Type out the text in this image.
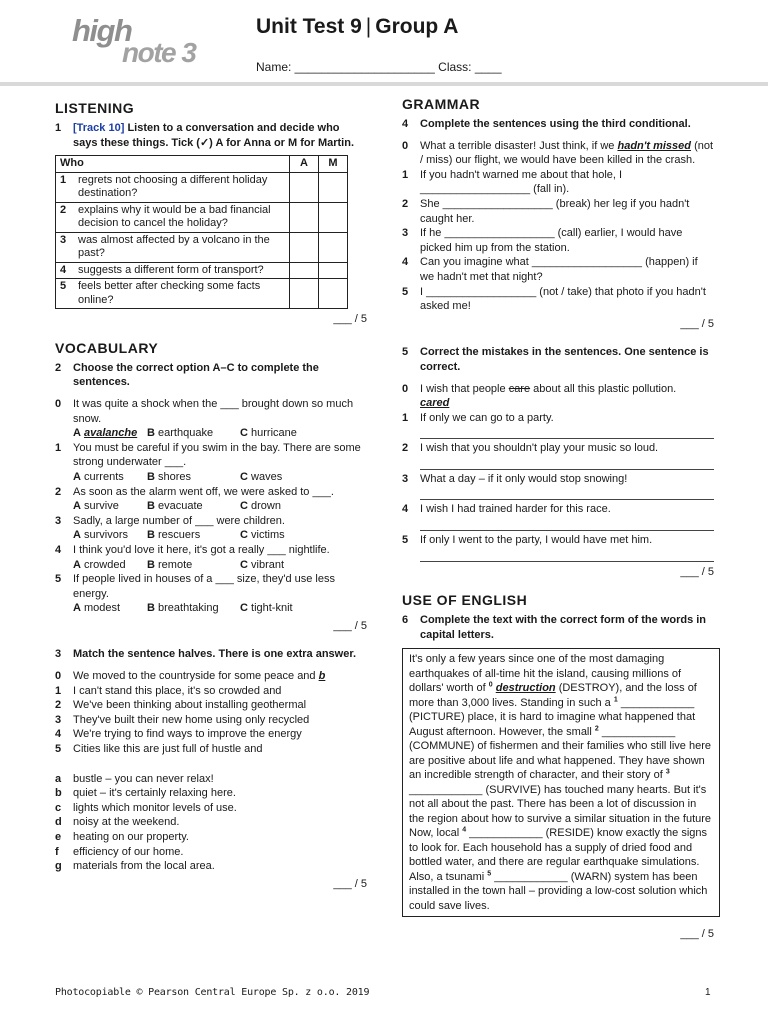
high
note 3
Unit Test 9 | Group A
Name: _____________________ Class: ____
LISTENING
1	[Track 10] Listen to a conversation and decide who says these things. Tick (✓) A for Anna or M for Martin.
Who	A	M

1 regrets not choosing a different holiday destination?		

2 explains why it would be a bad financial decision to cancel the holiday?		

3 was almost affected by a volcano in the past?		

4 suggests a different form of transport?		

5 feels better after checking some facts online?		

___ / 5
VOCABULARY
2	Choose the correct option A–C to complete the sentences.
0	It was quite a shock when the ___ brought down so much snow.
A avalanche B earthquake	C hurricane
1	You must be careful if you swim in the bay. There are some strong underwater ___.
A currents	B shores	C waves
2	As soon as the alarm went off, we were asked to ___.
A survive	B evacuate	C drown
3	Sadly, a large number of ___ were children.
A survivors	B rescuers	C victims
4	I think you'd love it here, it's got a really ___ nightlife.
A crowded	B remote	C vibrant
5	If people lived in houses of a ___ size, they'd use less energy.
A modest	B breathtaking	C tight-knit
___ / 5
3	Match the sentence halves. There is one extra answer.
0	We moved to the countryside for some peace and b
1	I can't stand this place, it's so crowded and
2	We've been thinking about installing geothermal
3	They've built their new home using only recycled
4	We're trying to find ways to improve the energy
5	Cities like this are just full of hustle and
a	bustle – you can never relax!
b	quiet – it's certainly relaxing here.
c	lights which monitor levels of use.
d	noisy at the weekend.
e	heating on our property.
f	efficiency of our home.
g	materials from the local area.
___ / 5
GRAMMAR
4	Complete the sentences using the third conditional.
0	What a terrible disaster! Just think, if we hadn't missed (not / miss) our flight, we would have been killed in the crash.
1	If you hadn't warned me about that hole, I __________________ (fall in).
2	She __________________ (break) her leg if you hadn't caught her.
3	If he __________________ (call) earlier, I would have picked him up from the station.
4	Can you imagine what __________________ (happen) if we hadn't met that night?
5	I __________________ (not / take) that photo if you hadn't asked me!
___ / 5
5	Correct the mistakes in the sentences. One sentence is correct.
0	I wish that people care about all this plastic pollution.
cared
1	If only we can go to a party.
2	I wish that you shouldn't play your music so loud.
3	What a day – if it only would stop snowing!
4	I wish I had trained harder for this race.
5	If only I went to the party, I would have met him.
___ / 5
USE OF ENGLISH
6	Complete the text with the correct form of the words in capital letters.
It's only a few years since one of the most damaging earthquakes of all-time hit the island, causing millions of dollars' worth of $^0$ destruction (DESTROY), and the loss of more than 3,000 lives. Standing in such a $^1$ ____________ (PICTURE) place, it is hard to imagine what happened that August afternoon. However, the small $^2$ ____________ (COMMUNE) of fishermen and their families who still live here are positive about life and what happened. They have shown an incredible strength of character, and their story of $^3$ ____________ (SURVIVE) has touched many hearts. But it's not all about the past. There has been a lot of discussion in the region about how to survive a similar situation in the future Now, local $^4$ ____________ (RESIDE) know exactly the signs to look for. Each household has a supply of dried food and bottled water, and there are regular earthquake simulations. Also, a tsunami $^5$ ____________ (WARN) system has been installed in the town hall – providing a low-cost solution which could save lives.
___ / 5
Photocopiable © Pearson Central Europe Sp. z o.o. 2019	1
